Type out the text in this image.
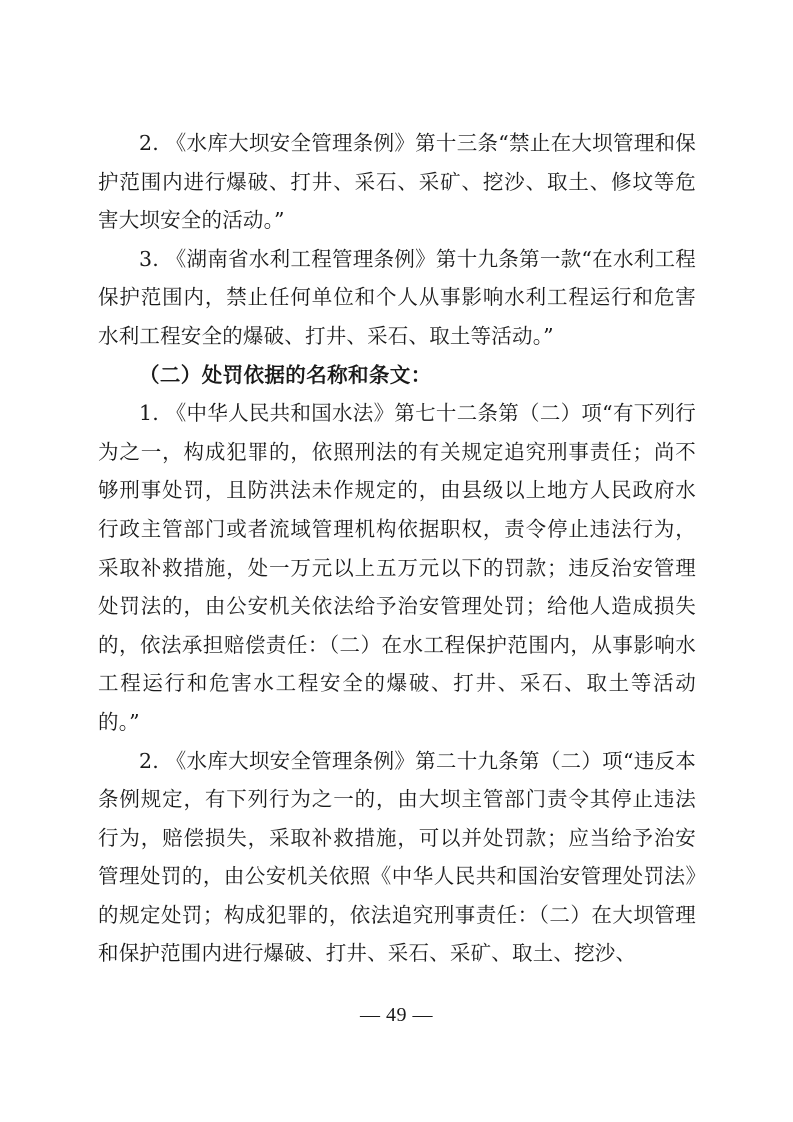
2. 《水库大坝安全管理条例》第十三条“禁止在大坝管理和保护范围内进行爆破、打井、采石、采矿、挖沙、取土、修坟等危害大坝安全的活动。”

3. 《湖南省水利工程管理条例》第十九条第一款“在水利工程保护范围内，禁止任何单位和个人从事影响水利工程运行和危害水利工程安全的爆破、打井、采石、取土等活动。”

（二）处罚依据的名称和条文：

1. 《中华人民共和国水法》第七十二条第（二）项“有下列行为之一，构成犯罪的，依照刑法的有关规定追究刑事责任；尚不够刑事处罚，且防洪法未作规定的，由县级以上地方人民政府水行政主管部门或者流域管理机构依据职权，责令停止违法行为，采取补救措施，处一万元以上五万元以下的罚款；违反治安管理处罚法的，由公安机关依法给予治安管理处罚；给他人造成损失的，依法承担赔偿责任：（二）在水工程保护范围内，从事影响水工程运行和危害水工程安全的爆破、打井、采石、取土等活动的。”

2. 《水库大坝安全管理条例》第二十九条第（二）项“违反本条例规定，有下列行为之一的，由大坝主管部门责令其停止违法行为，赔偿损失，采取补救措施，可以并处罚款；应当给予治安管理处罚的，由公安机关依照《中华人民共和国治安管理处罚法》的规定处罚；构成犯罪的，依法追究刑事责任：（二）在大坝管理和保护范围内进行爆破、打井、采石、采矿、取土、挖沙、

— 49 —
